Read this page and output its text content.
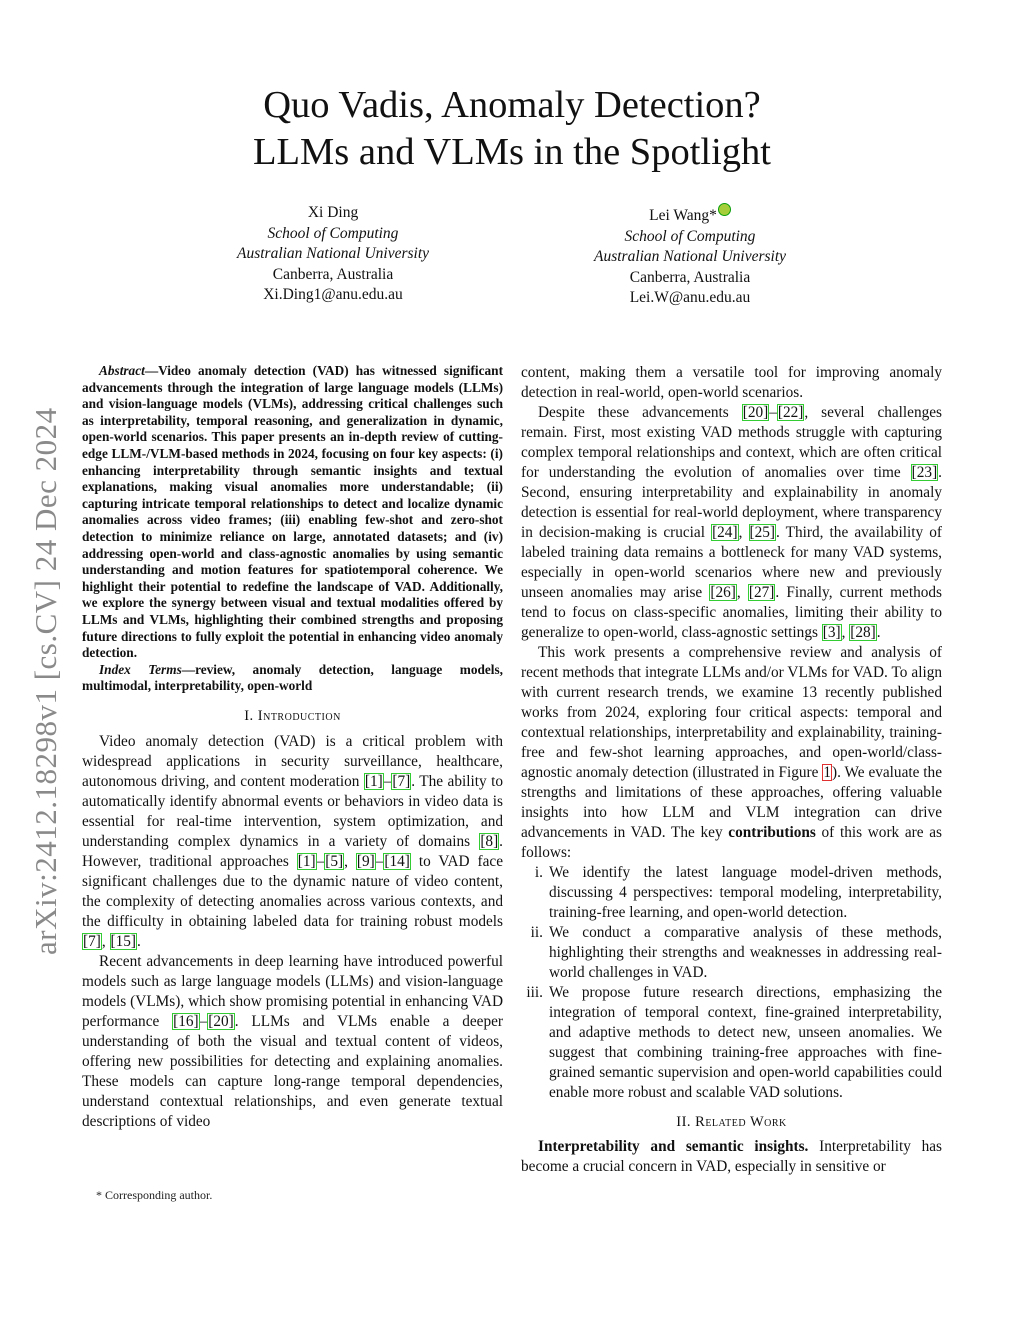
arXiv:2412.18298v1 [cs.CV] 24 Dec 2024
Quo Vadis, Anomaly Detection?
LLMs and VLMs in the Spotlight
Xi Ding
School of Computing
Australian National University
Canberra, Australia
Xi.Ding1@anu.edu.au
Lei Wang*
School of Computing
Australian National University
Canberra, Australia
Lei.W@anu.edu.au

Abstract—Video anomaly detection (VAD) has witnessed significant advancements through the integration of large language models (LLMs) and vision-language models (VLMs), addressing critical challenges such as interpretability, temporal reasoning, and generalization in dynamic, open-world scenarios. This paper presents an in-depth review of cutting-edge LLM-/VLM-based methods in 2024, focusing on four key aspects: (i) enhancing interpretability through semantic insights and textual explanations, making visual anomalies more understandable; (ii) capturing intricate temporal relationships to detect and localize dynamic anomalies across video frames; (iii) enabling few-shot and zero-shot detection to minimize reliance on large, annotated datasets; and (iv) addressing open-world and class-agnostic anomalies by using semantic understanding and motion features for spatiotemporal coherence. We highlight their potential to redefine the landscape of VAD. Additionally, we explore the synergy between visual and textual modalities offered by LLMs and VLMs, highlighting their combined strengths and proposing future directions to fully exploit the potential in enhancing video anomaly detection.

Index Terms—review, anomaly detection, language models, multimodal, interpretability, open-world

I. Introduction

Video anomaly detection (VAD) is a critical problem with widespread applications in security surveillance, healthcare, autonomous driving, and content moderation [1]–[7]. The ability to automatically identify abnormal events or behaviors in video data is essential for real-time intervention, system optimization, and understanding complex dynamics in a variety of domains [8]. However, traditional approaches [1]–[5], [9]–[14] to VAD face significant challenges due to the dynamic nature of video content, the complexity of detecting anomalies across various contexts, and the difficulty in obtaining labeled data for training robust models [7], [15].

Recent advancements in deep learning have introduced powerful models such as large language models (LLMs) and vision-language models (VLMs), which show promising potential in enhancing VAD performance [16]–[20]. LLMs and VLMs enable a deeper understanding of both the visual and textual content of videos, offering new possibilities for detecting and explaining anomalies. These models can capture long-range temporal dependencies, understand contextual relationships, and even generate textual descriptions of video

content, making them a versatile tool for improving anomaly detection in real-world, open-world scenarios.

Despite these advancements [20]–[22], several challenges remain. First, most existing VAD methods struggle with capturing complex temporal relationships and context, which are often critical for understanding the evolution of anomalies over time [23]. Second, ensuring interpretability and explainability in anomaly detection is essential for real-world deployment, where transparency in decision-making is crucial [24], [25]. Third, the availability of labeled training data remains a bottleneck for many VAD systems, especially in open-world scenarios where new and previously unseen anomalies may arise [26], [27]. Finally, current methods tend to focus on class-specific anomalies, limiting their ability to generalize to open-world, class-agnostic settings [3], [28].

This work presents a comprehensive review and analysis of recent methods that integrate LLMs and/or VLMs for VAD. To align with current research trends, we examine 13 recently published works from 2024, exploring four critical aspects: temporal and contextual relationships, interpretability and explainability, training-free and few-shot learning approaches, and open-world/class-agnostic anomaly detection (illustrated in Figure 1). We evaluate the strengths and limitations of these approaches, offering valuable insights into how LLM and VLM integration can drive advancements in VAD. The key contributions of this work are as follows:

i. We identify the latest language model-driven methods, discussing 4 perspectives: temporal modeling, interpretability, training-free learning, and open-world detection.
ii. We conduct a comparative analysis of these methods, highlighting their strengths and weaknesses in addressing real-world challenges in VAD.
iii. We propose future research directions, emphasizing the integration of temporal context, fine-grained interpretability, and adaptive methods to detect new, unseen anomalies. We suggest that combining training-free approaches with fine-grained semantic supervision and open-world capabilities could enable more robust and scalable VAD solutions.
II. Related Work

Interpretability and semantic insights. Interpretability has become a crucial concern in VAD, especially in sensitive or

* Corresponding author.
